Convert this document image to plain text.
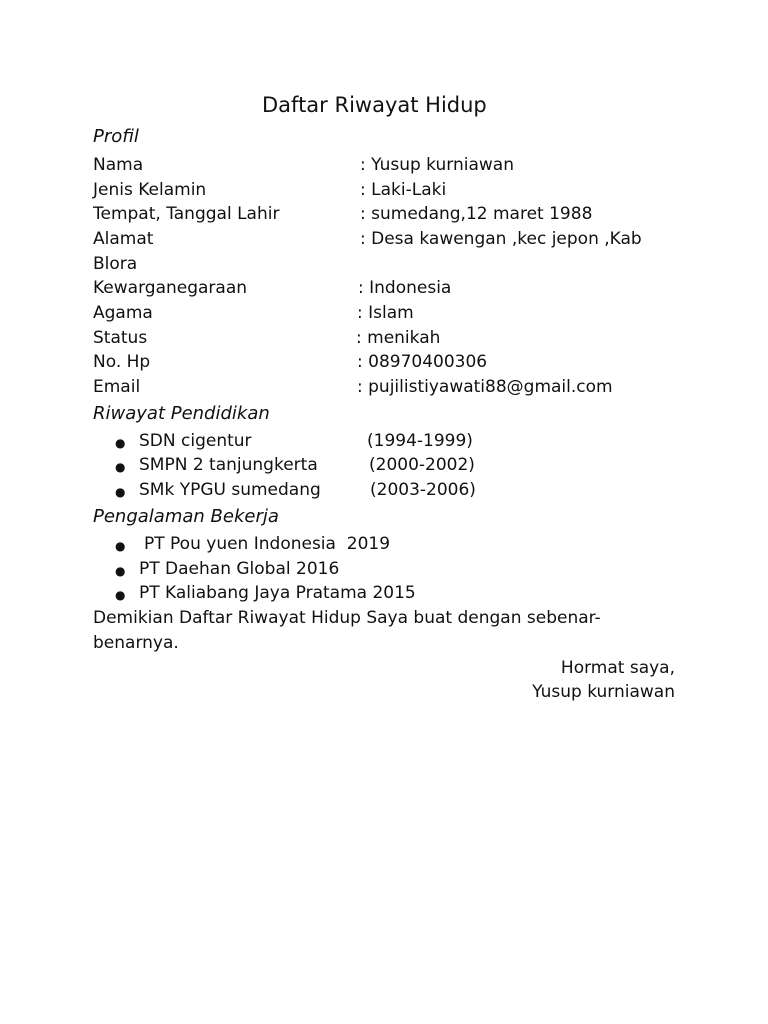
Daftar Riwayat Hidup
Profil
Nama	: Yusup kurniawan
Jenis Kelamin	: Laki-Laki
Tempat, Tanggal Lahir	: sumedang,12 maret 1988
Alamat	: Desa kawengan ,kec jepon ,Kab
Blora
Kewarganegaraan	: Indonesia
Agama	: Islam
Status	: menikah
No. Hp	: 08970400306
Email	: pujilistiyawati88@gmail.com
Riwayat Pendidikan
● SDN cigentur	(1994-1999)
● SMPN 2 tanjungkerta	(2000-2002)
● SMk YPGU sumedang	(2003-2006)
Pengalaman Bekerja
● PT Pou yuen Indonesia  2019
● PT Daehan Global 2016
● PT Kaliabang Jaya Pratama 2015
Demikian Daftar Riwayat Hidup Saya buat dengan sebenar-
benarnya.
Hormat saya,
Yusup kurniawan
